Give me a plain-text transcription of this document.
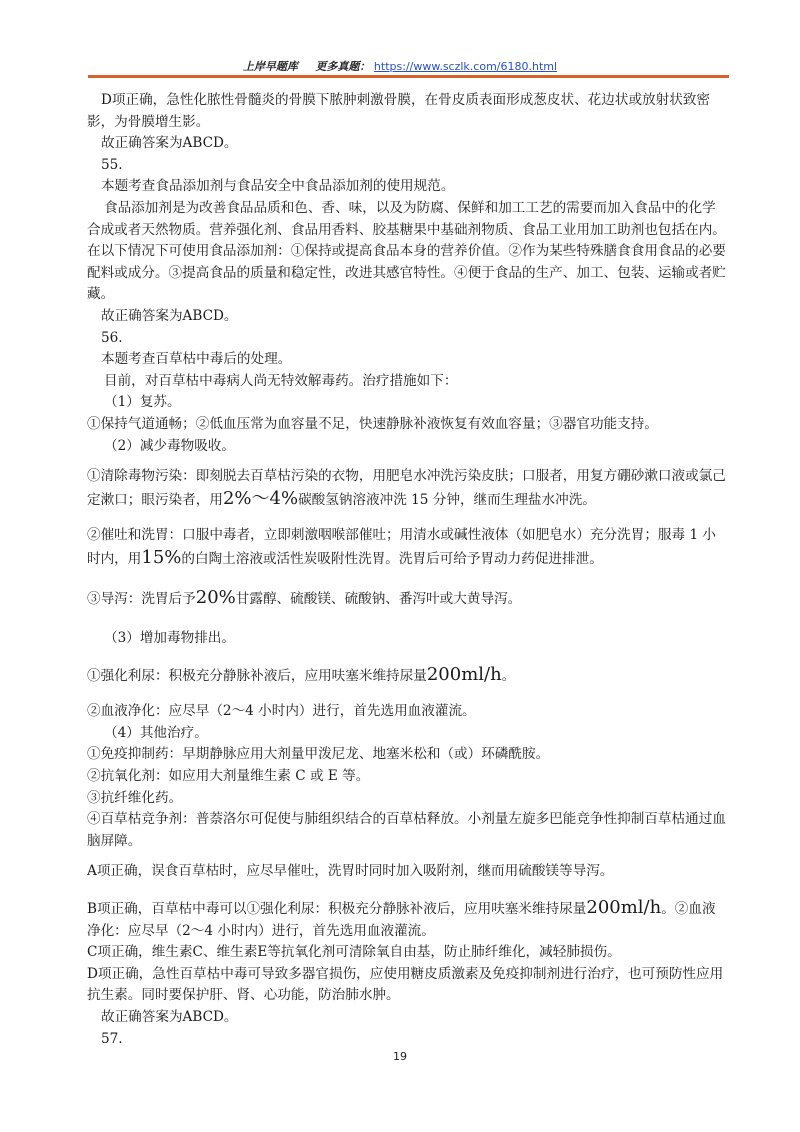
上岸早题库 更多真题： https://www.sczlk.com/6180.html

D项正确，急性化脓性骨髓炎的骨膜下脓肿刺激骨膜，在骨皮质表面形成葱皮状、花边状或放射状致密影，为骨膜增生影。

故正确答案为ABCD。

55.

本题考查食品添加剂与食品安全中食品添加剂的使用规范。

食品添加剂是为改善食品品质和色、香、味，以及为防腐、保鲜和加工工艺的需要而加入食品中的化学合成或者天然物质。营养强化剂、食品用香料、胶基糖果中基础剂物质、食品工业用加工助剂也包括在内。在以下情况下可使用食品添加剂：①保持或提高食品本身的营养价值。②作为某些特殊膳食食用食品的必要配料或成分。③提高食品的质量和稳定性，改进其感官特性。④便于食品的生产、加工、包装、运输或者贮藏。

故正确答案为ABCD。

56.

本题考查百草枯中毒后的处理。

目前，对百草枯中毒病人尚无特效解毒药。治疗措施如下：

（1）复苏。

①保持气道通畅；②低血压常为血容量不足，快速静脉补液恢复有效血容量；③器官功能支持。

（2）减少毒物吸收。

①清除毒物污染：即刻脱去百草枯污染的衣物，用肥皂水冲洗污染皮肤；口服者，用复方硼砂漱口液或氯己定漱口；眼污染者，用2%～4%碳酸氢钠溶液冲洗 15 分钟，继而生理盐水冲洗。

②催吐和洗胃：口服中毒者，立即刺激咽喉部催吐；用清水或碱性液体（如肥皂水）充分洗胃；服毒 1 小时内，用15%的白陶土溶液或活性炭吸附性洗胃。洗胃后可给予胃动力药促进排泄。

③导泻：洗胃后予20%甘露醇、硫酸镁、硫酸钠、番泻叶或大黄导泻。

（3）增加毒物排出。

①强化利尿：积极充分静脉补液后，应用呋塞米维持尿量200ml/h。

②血液净化：应尽早（2～4 小时内）进行，首先选用血液灌流。

（4）其他治疗。

①免疫抑制药：早期静脉应用大剂量甲泼尼龙、地塞米松和（或）环磷酰胺。

②抗氧化剂：如应用大剂量维生素 C 或 E 等。

③抗纤维化药。

④百草枯竞争剂：普萘洛尔可促使与肺组织结合的百草枯释放。小剂量左旋多巴能竞争性抑制百草枯通过血脑屏障。

A项正确，误食百草枯时，应尽早催吐，洗胃时同时加入吸附剂，继而用硫酸镁等导泻。

B项正确，百草枯中毒可以①强化利尿：积极充分静脉补液后，应用呋塞米维持尿量200ml/h。②血液净化：应尽早（2～4 小时内）进行，首先选用血液灌流。

C项正确，维生素C、维生素E等抗氧化剂可清除氧自由基，防止肺纤维化，减轻肺损伤。

D项正确，急性百草枯中毒可导致多器官损伤，应使用糖皮质激素及免疫抑制剂进行治疗，也可预防性应用抗生素。同时要保护肝、肾、心功能，防治肺水肿。

故正确答案为ABCD。

57.

19
